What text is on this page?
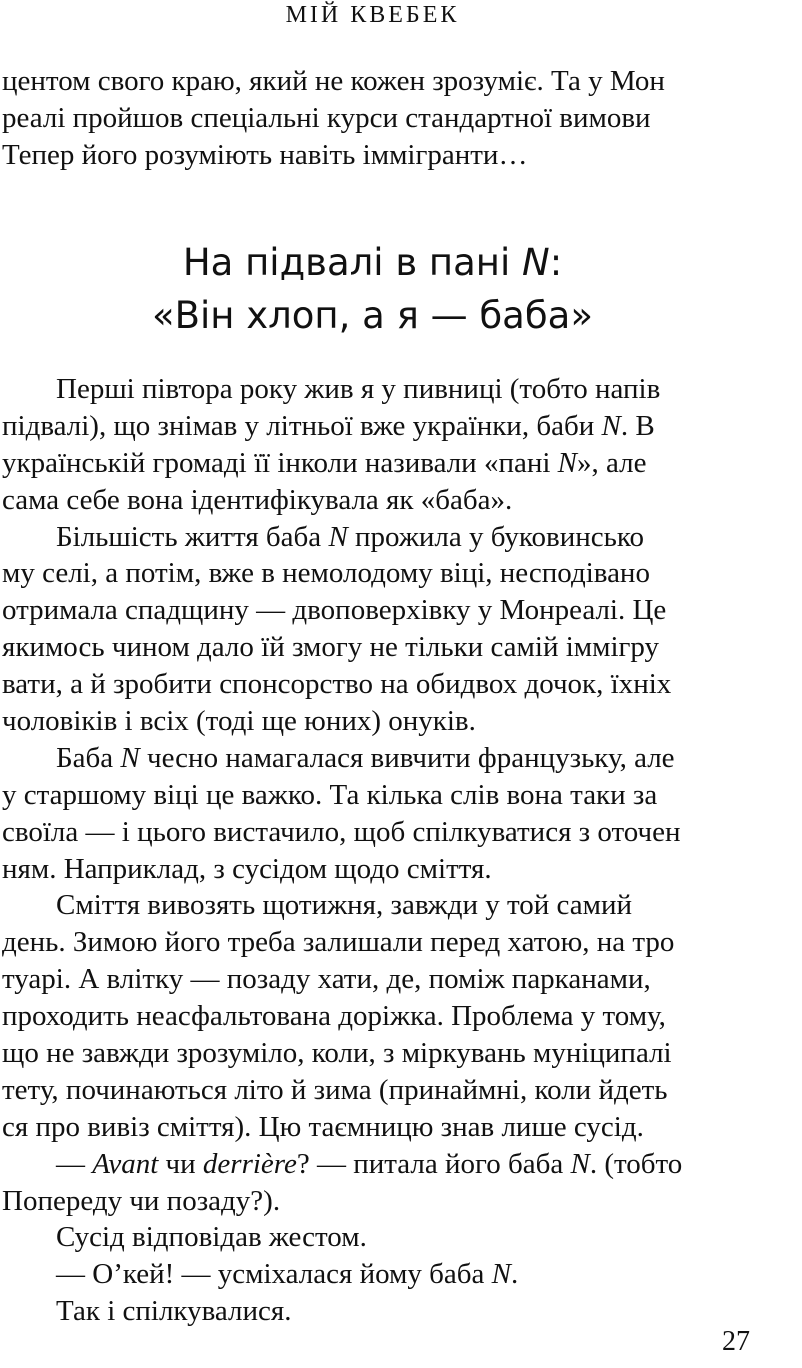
МІЙ КВЕБЕК
центом свого краю, який не кожен зрозуміє. Та у Мон
реалі пройшов спеціальні курси стандартної вимови
Тепер його розуміють навіть іммігранти…
На підвалі в пані N:
«Він хлоп, а я — баба»
Перші півтора року жив я у пивниці (тобто напів
підвалі), що знімав у літньої вже українки, баби N. В
українській громаді її інколи називали «пані N», але
сама себе вона ідентифікувала як «баба».
Більшість життя баба N прожила у буковинсько
му селі, а потім, вже в немолодому віці, несподівано
отримала спадщину — двоповерхівку у Монреалі. Це
якимось чином дало їй змогу не тільки самій іммігру
вати, а й зробити спонсорство на обидвох дочок, їхніх
чоловіків і всіх (тоді ще юних) онуків.
Баба N чесно намагалася вивчити французьку, але
у старшому віці це важко. Та кілька слів вона таки за
своїла — і цього вистачило, щоб спілкуватися з оточен
ням. Наприклад, з сусідом щодо сміття.
Сміття вивозять щотижня, завжди у той самий
день. Зимою його треба залишали перед хатою, на тро
туарі. А влітку — позаду хати, де, поміж парканами,
проходить неасфальтована доріжка. Проблема у тому,
що не завжди зрозуміло, коли, з міркувань муніципалі
тету, починаються літо й зима (принаймні, коли йдеть
ся про вивіз сміття). Цю таємницю знав лише сусід.
— Avant чи derrière? — питала його баба N. (тобто
Попереду чи позаду?).
Сусід відповідав жестом.
— О’кей! — усміхалася йому баба N.
Так і спілкувалися.
27
